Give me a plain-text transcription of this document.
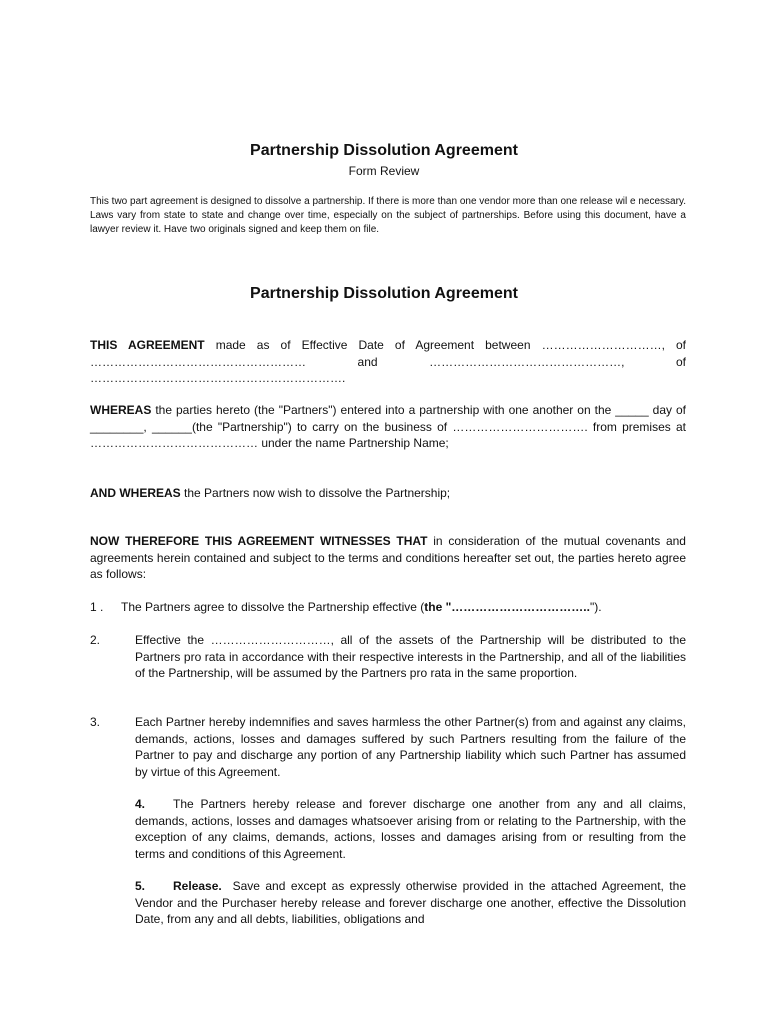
Partnership Dissolution Agreement
Form Review
This two part agreement is designed to dissolve a partnership. If there is more than one vendor more than one release wil e necessary. Laws vary from state to state and change over time, especially on the subject of partnerships. Before using this document, have a lawyer review it. Have two originals signed and keep them on file.
Partnership Dissolution Agreement
THIS AGREEMENT made as of Effective Date of Agreement between …………………………, of ……………………………………………… and …………………………………………, of ……………………………………………………….
WHEREAS the parties hereto (the "Partners") entered into a partnership with one another on the _____ day of ________, ______(the "Partnership") to carry on the business of ……………………………. from premises at …………………………………… under the name Partnership Name;
AND WHEREAS the Partners now wish to dissolve the Partnership;
NOW THEREFORE THIS AGREEMENT WITNESSES THAT in consideration of the mutual covenants and agreements herein contained and subject to the terms and conditions hereafter set out, the parties hereto agree as follows:
1 . The Partners agree to dissolve the Partnership effective (the "……………………………..").
2.	Effective the …………………………, all of the assets of the Partnership will be distributed to the Partners pro rata in accordance with their respective interests in the Partnership, and all of the liabilities of the Partnership, will be assumed by the Partners pro rata in the same proportion.
3.	Each Partner hereby indemnifies and saves harmless the other Partner(s) from and against any claims, demands, actions, losses and damages suffered by such Partners resulting from the failure of the Partner to pay and discharge any portion of any Partnership liability which such Partner has assumed by virtue of this Agreement.
4. The Partners hereby release and forever discharge one another from any and all claims, demands, actions, losses and damages whatsoever arising from or relating to the Partnership, with the exception of any claims, demands, actions, losses and damages arising from or resulting from the terms and conditions of this Agreement.
5. Release. Save and except as expressly otherwise provided in the attached Agreement, the Vendor and the Purchaser hereby release and forever discharge one another, effective the Dissolution Date, from any and all debts, liabilities, obligations and
